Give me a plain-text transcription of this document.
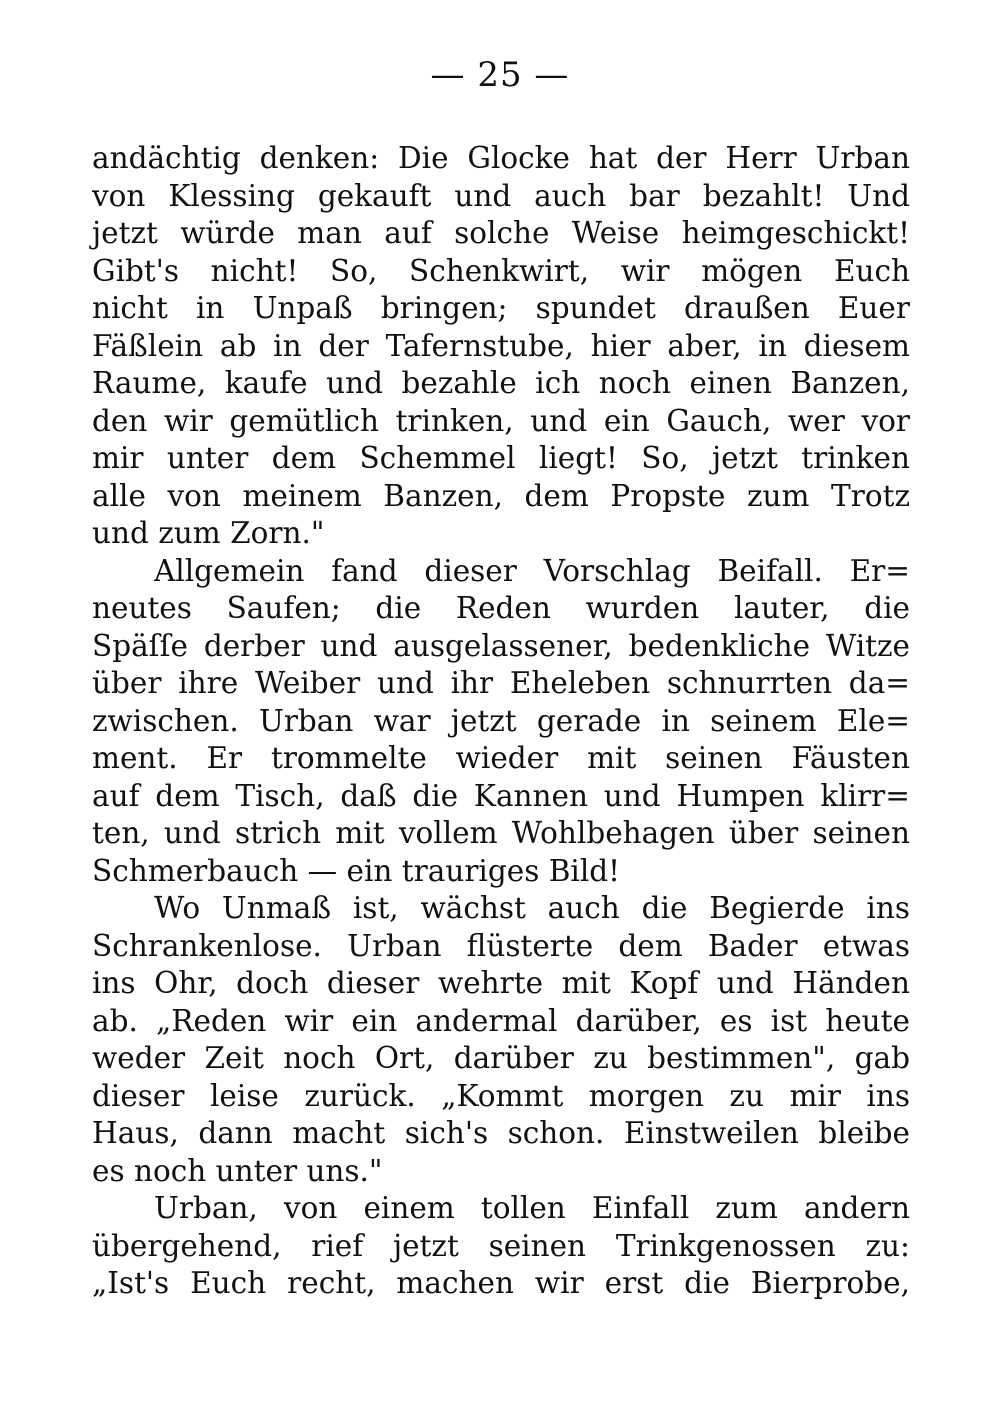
— 25 —
andächtig denken: Die Glocke hat der Herr Urban
von Klessing gekauft und auch bar bezahlt! Und
jetzt würde man auf solche Weise heimgeschickt!
Gibt's nicht! So, Schenkwirt, wir mögen Euch
nicht in Unpaß bringen; spundet draußen Euer
Fäßlein ab in der Tafernstube, hier aber, in diesem
Raume, kaufe und bezahle ich noch einen Banzen,
den wir gemütlich trinken, und ein Gauch, wer vor
mir unter dem Schemmel liegt! So, jetzt trinken
alle von meinem Banzen, dem Propste zum Trotz
und zum Zorn."
Allgemein fand dieser Vorschlag Beifall. Er=
neutes Saufen; die Reden wurden lauter, die
Späſſe derber und ausgelassener, bedenkliche Witze
über ihre Weiber und ihr Eheleben schnurrten da=
zwischen. Urban war jetzt gerade in seinem Ele=
ment. Er trommelte wieder mit seinen Fäusten
auf dem Tisch, daß die Kannen und Humpen klirr=
ten, und strich mit vollem Wohlbehagen über seinen
Schmerbauch — ein trauriges Bild!
Wo Unmaß ist, wächst auch die Begierde ins
Schrankenlose. Urban flüsterte dem Bader etwas
ins Ohr, doch dieser wehrte mit Kopf und Händen
ab. „Reden wir ein andermal darüber, es ist heute
weder Zeit noch Ort, darüber zu bestimmen", gab
dieser leise zurück. „Kommt morgen zu mir ins
Haus, dann macht sich's schon. Einstweilen bleibe
es noch unter uns."
Urban, von einem tollen Einfall zum andern
übergehend, rief jetzt seinen Trinkgenossen zu:
„Ist's Euch recht, machen wir erst die Bierprobe,
